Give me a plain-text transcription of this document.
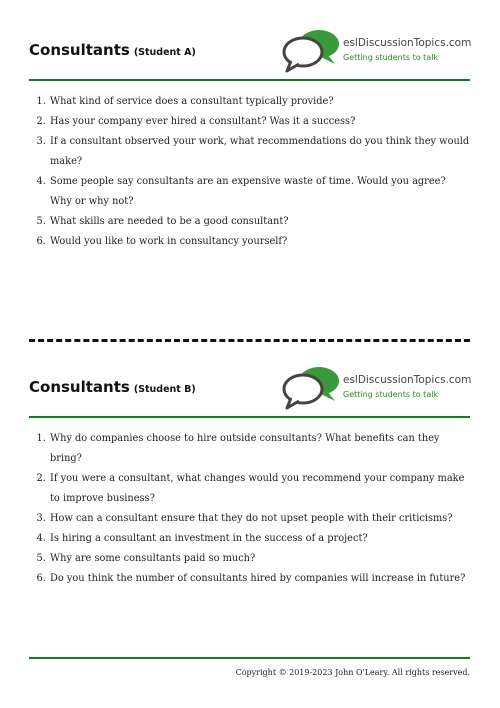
Consultants (Student A)
eslDiscussionTopics.com
Getting students to talk
1. What kind of service does a consultant typically provide?
2. Has your company ever hired a consultant? Was it a success?
3. If a consultant observed your work, what recommendations do you think they would make?
4. Some people say consultants are an expensive waste of time. Would you agree? Why or why not?
5. What skills are needed to be a good consultant?
6. Would you like to work in consultancy yourself?
Consultants (Student B)
eslDiscussionTopics.com
Getting students to talk
1. Why do companies choose to hire outside consultants? What benefits can they bring?
2. If you were a consultant, what changes would you recommend your company make to improve business?
3. How can a consultant ensure that they do not upset people with their criticisms?
4. Is hiring a consultant an investment in the success of a project?
5. Why are some consultants paid so much?
6. Do you think the number of consultants hired by companies will increase in future?
Copyright © 2019-2023 John O'Leary. All rights reserved.
